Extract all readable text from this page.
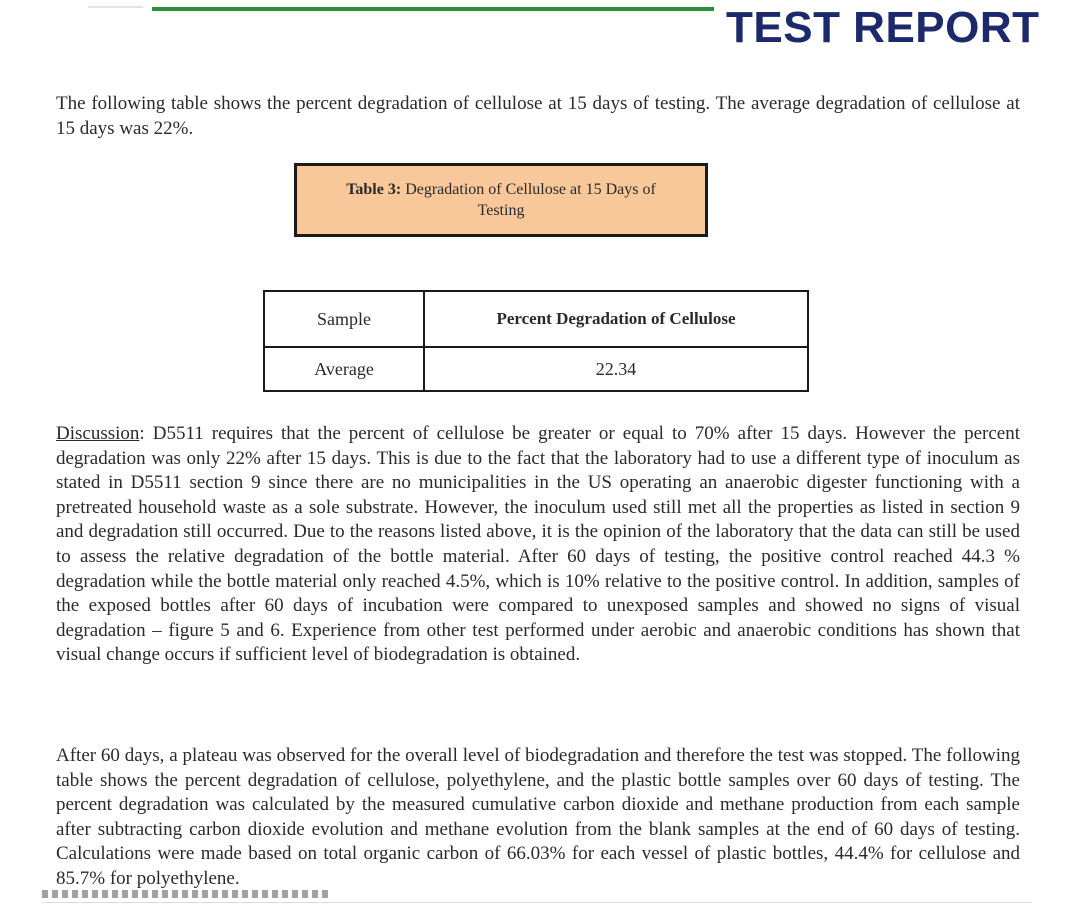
TEST REPORT

The following table shows the percent degradation of cellulose at 15 days of testing. The average degradation of cellulose at 15 days was 22%.

Table 3: Degradation of Cellulose at 15 Days of Testing
Sample	Percent Degradation of Cellulose
Average	22.34

Discussion: D5511 requires that the percent of cellulose be greater or equal to 70% after 15 days. However the percent degradation was only 22% after 15 days. This is due to the fact that the laboratory had to use a different type of inoculum as stated in D5511 section 9 since there are no municipalities in the US operating an anaerobic digester functioning with a pretreated household waste as a sole substrate. However, the inoculum used still met all the properties as listed in section 9 and degradation still occurred. Due to the reasons listed above, it is the opinion of the laboratory that the data can still be used to assess the relative degradation of the bottle material. After 60 days of testing, the positive control reached 44.3 % degradation while the bottle material only reached 4.5%, which is 10% relative to the positive control. In addition, samples of the exposed bottles after 60 days of incubation were compared to unexposed samples and showed no signs of visual degradation – figure 5 and 6. Experience from other test performed under aerobic and anaerobic conditions has shown that visual change occurs if sufficient level of biodegradation is obtained.

After 60 days, a plateau was observed for the overall level of biodegradation and therefore the test was stopped. The following table shows the percent degradation of cellulose, polyethylene, and the plastic bottle samples over 60 days of testing. The percent degradation was calculated by the measured cumulative carbon dioxide and methane production from each sample after subtracting carbon dioxide evolution and methane evolution from the blank samples at the end of 60 days of testing. Calculations were made based on total organic carbon of 66.03% for each vessel of plastic bottles, 44.4% for cellulose and 85.7% for polyethylene.
